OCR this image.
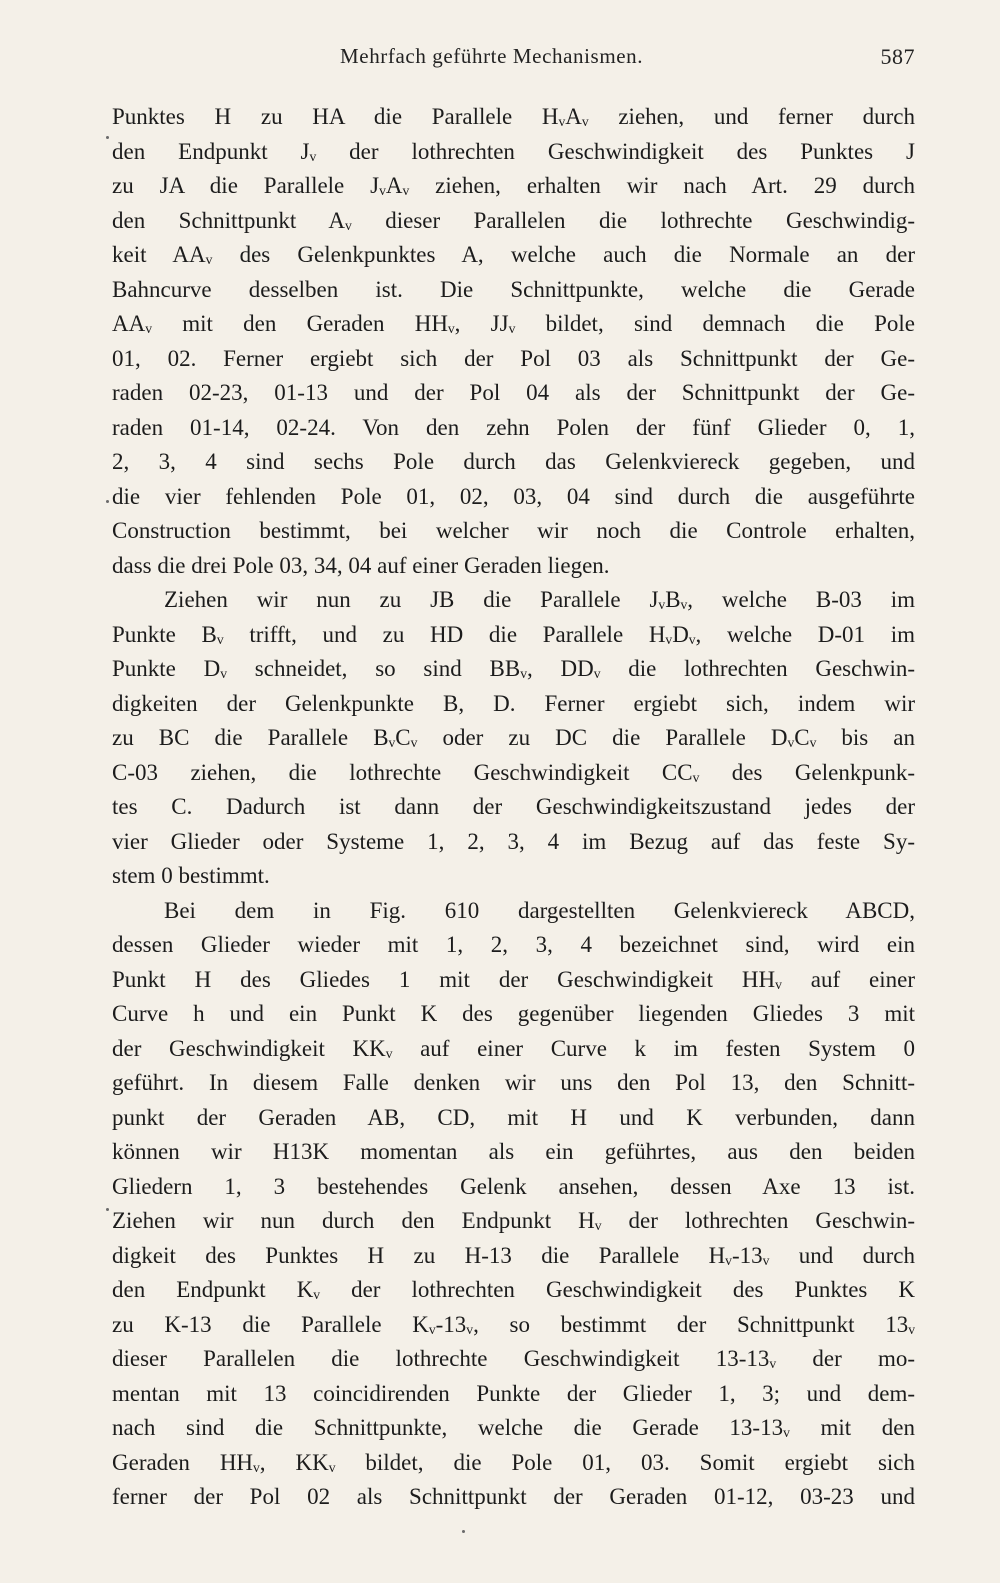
Mehrfach geführte Mechanismen.	587
Punktes H zu HA die Parallele HᵥAᵥ ziehen, und ferner durch
den Endpunkt Jᵥ der lothrechten Geschwindigkeit des Punktes J
zu JA die Parallele JᵥAᵥ ziehen, erhalten wir nach Art. 29 durch
den Schnittpunkt Aᵥ dieser Parallelen die lothrechte Geschwindig-
keit AAᵥ des Gelenkpunktes A, welche auch die Normale an der
Bahncurve desselben ist. Die Schnittpunkte, welche die Gerade
AAᵥ mit den Geraden HHᵥ, JJᵥ bildet, sind demnach die Pole
01, 02. Ferner ergiebt sich der Pol 03 als Schnittpunkt der Ge-
raden 02-23, 01-13 und der Pol 04 als der Schnittpunkt der Ge-
raden 01-14, 02-24. Von den zehn Polen der fünf Glieder 0, 1,
2, 3, 4 sind sechs Pole durch das Gelenkviereck gegeben, und
die vier fehlenden Pole 01, 02, 03, 04 sind durch die ausgeführte
Construction bestimmt, bei welcher wir noch die Controle erhalten,
dass die drei Pole 03, 34, 04 auf einer Geraden liegen.
Ziehen wir nun zu JB die Parallele JᵥBᵥ, welche B-03 im
Punkte Bᵥ trifft, und zu HD die Parallele HᵥDᵥ, welche D-01 im
Punkte Dᵥ schneidet, so sind BBᵥ, DDᵥ die lothrechten Geschwin-
digkeiten der Gelenkpunkte B, D. Ferner ergiebt sich, indem wir
zu BC die Parallele BᵥCᵥ oder zu DC die Parallele DᵥCᵥ bis an
C-03 ziehen, die lothrechte Geschwindigkeit CCᵥ des Gelenkpunk-
tes C. Dadurch ist dann der Geschwindigkeitszustand jedes der
vier Glieder oder Systeme 1, 2, 3, 4 im Bezug auf das feste Sy-
stem 0 bestimmt.
Bei dem in Fig. 610 dargestellten Gelenkviereck ABCD,
dessen Glieder wieder mit 1, 2, 3, 4 bezeichnet sind, wird ein
Punkt H des Gliedes 1 mit der Geschwindigkeit HHᵥ auf einer
Curve h und ein Punkt K des gegenüber liegenden Gliedes 3 mit
der Geschwindigkeit KKᵥ auf einer Curve k im festen System 0
geführt. In diesem Falle denken wir uns den Pol 13, den Schnitt-
punkt der Geraden AB, CD, mit H und K verbunden, dann
können wir H13K momentan als ein geführtes, aus den beiden
Gliedern 1, 3 bestehendes Gelenk ansehen, dessen Axe 13 ist.
Ziehen wir nun durch den Endpunkt Hᵥ der lothrechten Geschwin-
digkeit des Punktes H zu H-13 die Parallele Hᵥ-13ᵥ und durch
den Endpunkt Kᵥ der lothrechten Geschwindigkeit des Punktes K
zu K-13 die Parallele Kᵥ-13ᵥ, so bestimmt der Schnittpunkt 13ᵥ
dieser Parallelen die lothrechte Geschwindigkeit 13-13ᵥ der mo-
mentan mit 13 coincidirenden Punkte der Glieder 1, 3; und dem-
nach sind die Schnittpunkte, welche die Gerade 13-13ᵥ mit den
Geraden HHᵥ, KKᵥ bildet, die Pole 01, 03. Somit ergiebt sich
ferner der Pol 02 als Schnittpunkt der Geraden 01-12, 03-23 und
